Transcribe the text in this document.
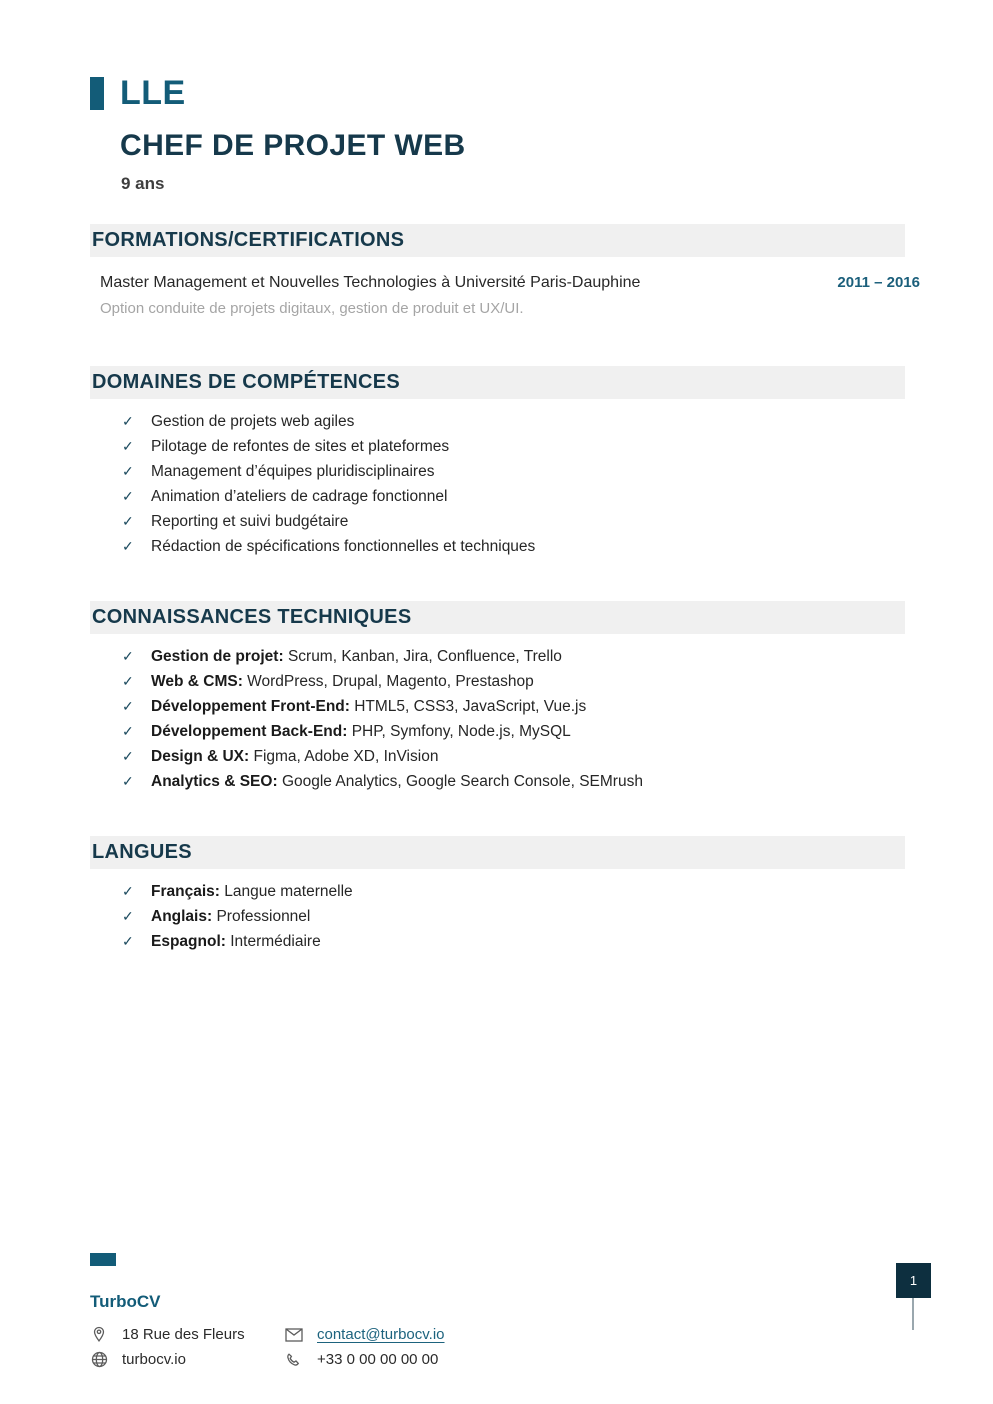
LLE
CHEF DE PROJET WEB
9 ans
FORMATIONS/CERTIFICATIONS
Master Management et Nouvelles Technologies à Université Paris-Dauphine	2011 – 2016
Option conduite de projets digitaux, gestion de produit et UX/UI.
DOMAINES DE COMPÉTENCES
✓	Gestion de projets web agiles
✓	Pilotage de refontes de sites et plateformes
✓	Management d’équipes pluridisciplinaires
✓	Animation d’ateliers de cadrage fonctionnel
✓	Reporting et suivi budgétaire
✓	Rédaction de spécifications fonctionnelles et techniques
CONNAISSANCES TECHNIQUES
✓	Gestion de projet: Scrum, Kanban, Jira, Confluence, Trello
✓	Web & CMS: WordPress, Drupal, Magento, Prestashop
✓	Développement Front-End: HTML5, CSS3, JavaScript, Vue.js
✓	Développement Back-End: PHP, Symfony, Node.js, MySQL
✓	Design & UX: Figma, Adobe XD, InVision
✓	Analytics & SEO: Google Analytics, Google Search Console, SEMrush
LANGUES
✓	Français: Langue maternelle
✓	Anglais: Professionnel
✓	Espagnol: Intermédiaire
TurboCV
18 Rue des Fleurs	contact@turbocv.io
turbocv.io	+33 0 00 00 00 00
1
